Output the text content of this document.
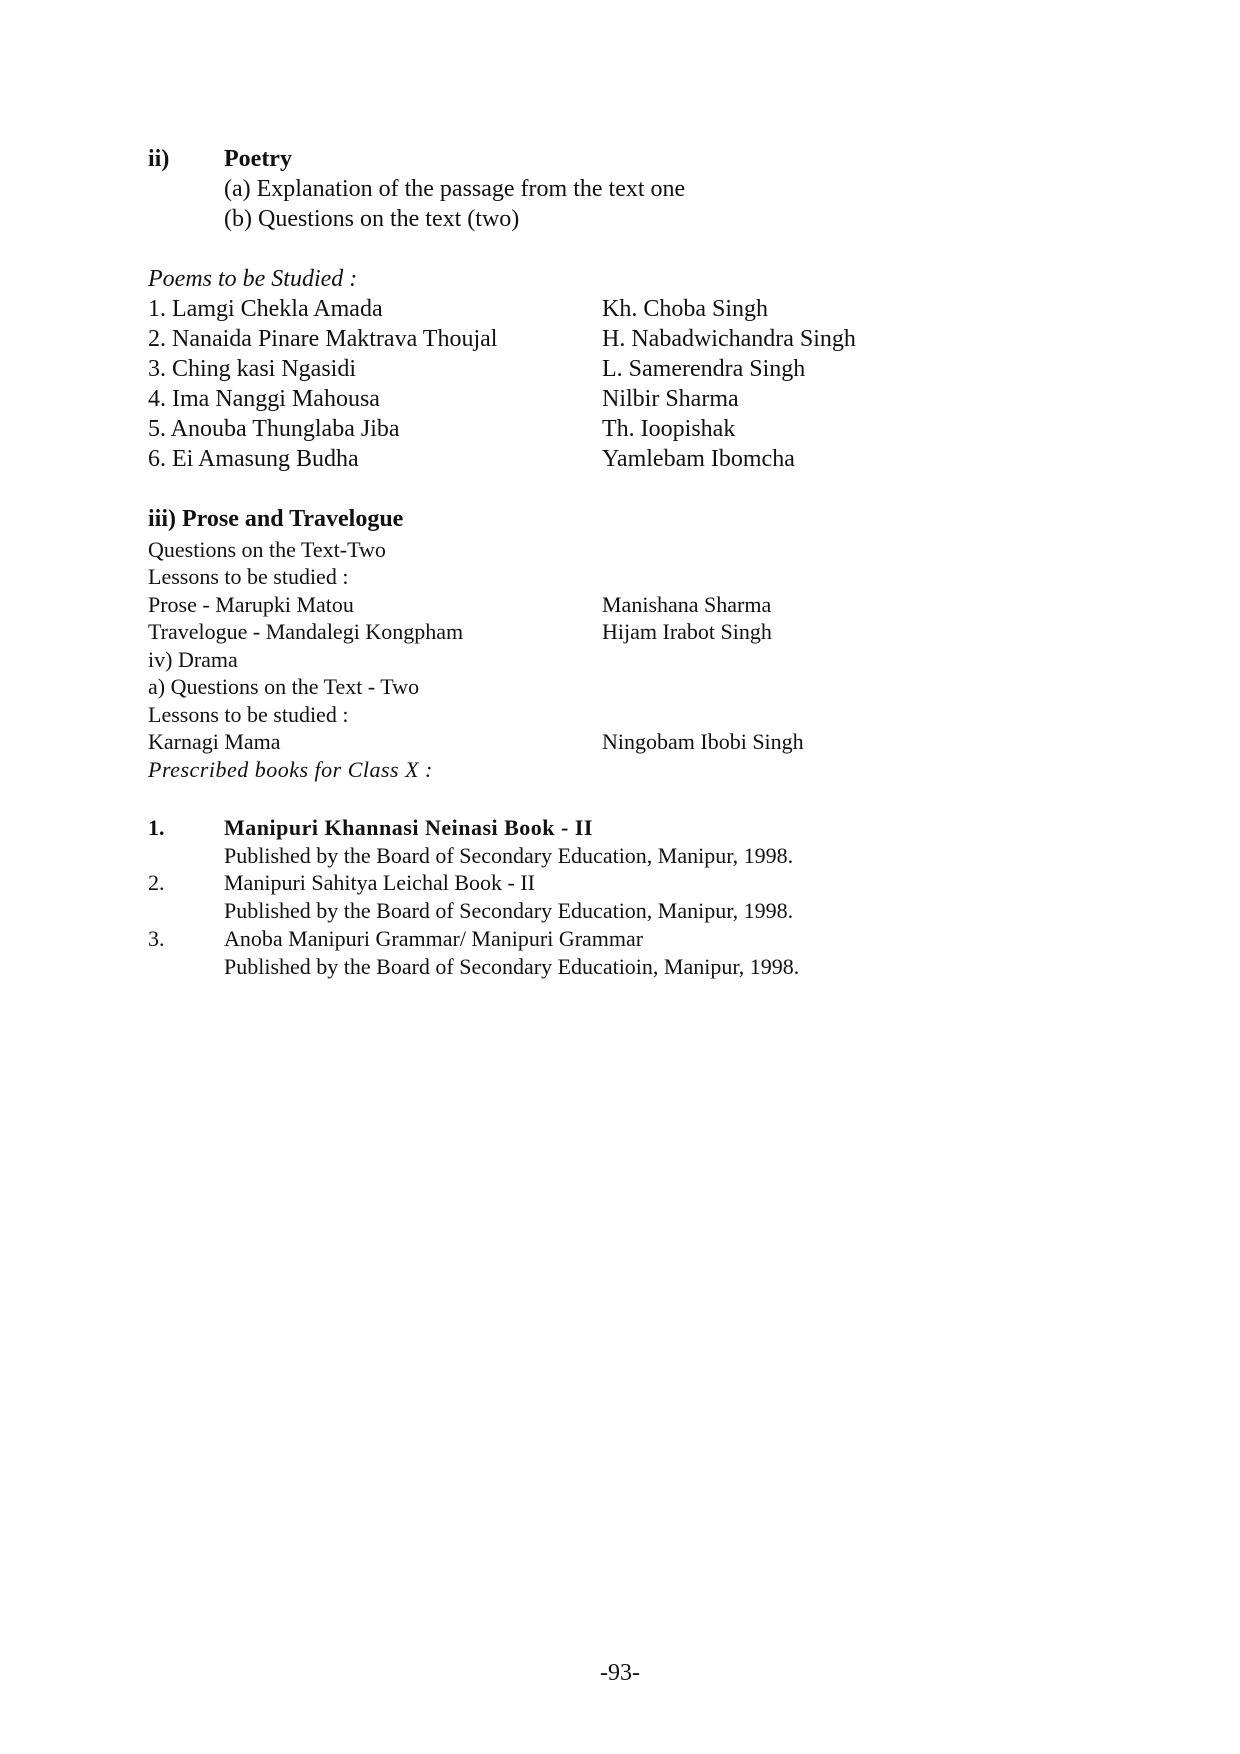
ii) Poetry
(a) Explanation of the passage from the text one
(b) Questions on the text (two)
Poems to be Studied :
1. Lamgi Chekla Amada	Kh. Choba Singh
2. Nanaida Pinare Maktrava Thoujal	H. Nabadwichandra Singh
3. Ching kasi Ngasidi	L. Samerendra Singh
4. Ima Nanggi Mahousa	Nilbir Sharma
5. Anouba Thunglaba Jiba	Th. Ioopishak
6. Ei Amasung Budha	Yamlebam Ibomcha
iii) Prose and Travelogue
Questions on the Text-Two
Lessons to be studied :
Prose - Marupki Matou	Manishana Sharma
Travelogue - Mandalegi Kongpham	Hijam Irabot Singh
iv) Drama
a) Questions on the Text - Two
Lessons to be studied :
Karnagi Mama	Ningobam Ibobi Singh
Prescribed books for Class X :
1.	Manipuri Khannasi Neinasi Book - II
Published by the Board of Secondary Education, Manipur, 1998.
2.	Manipuri Sahitya Leichal Book - II
Published by the Board of Secondary Education, Manipur, 1998.
3.	Anoba Manipuri Grammar/ Manipuri Grammar
Published by the Board of Secondary Educatioin, Manipur, 1998.
-93-
